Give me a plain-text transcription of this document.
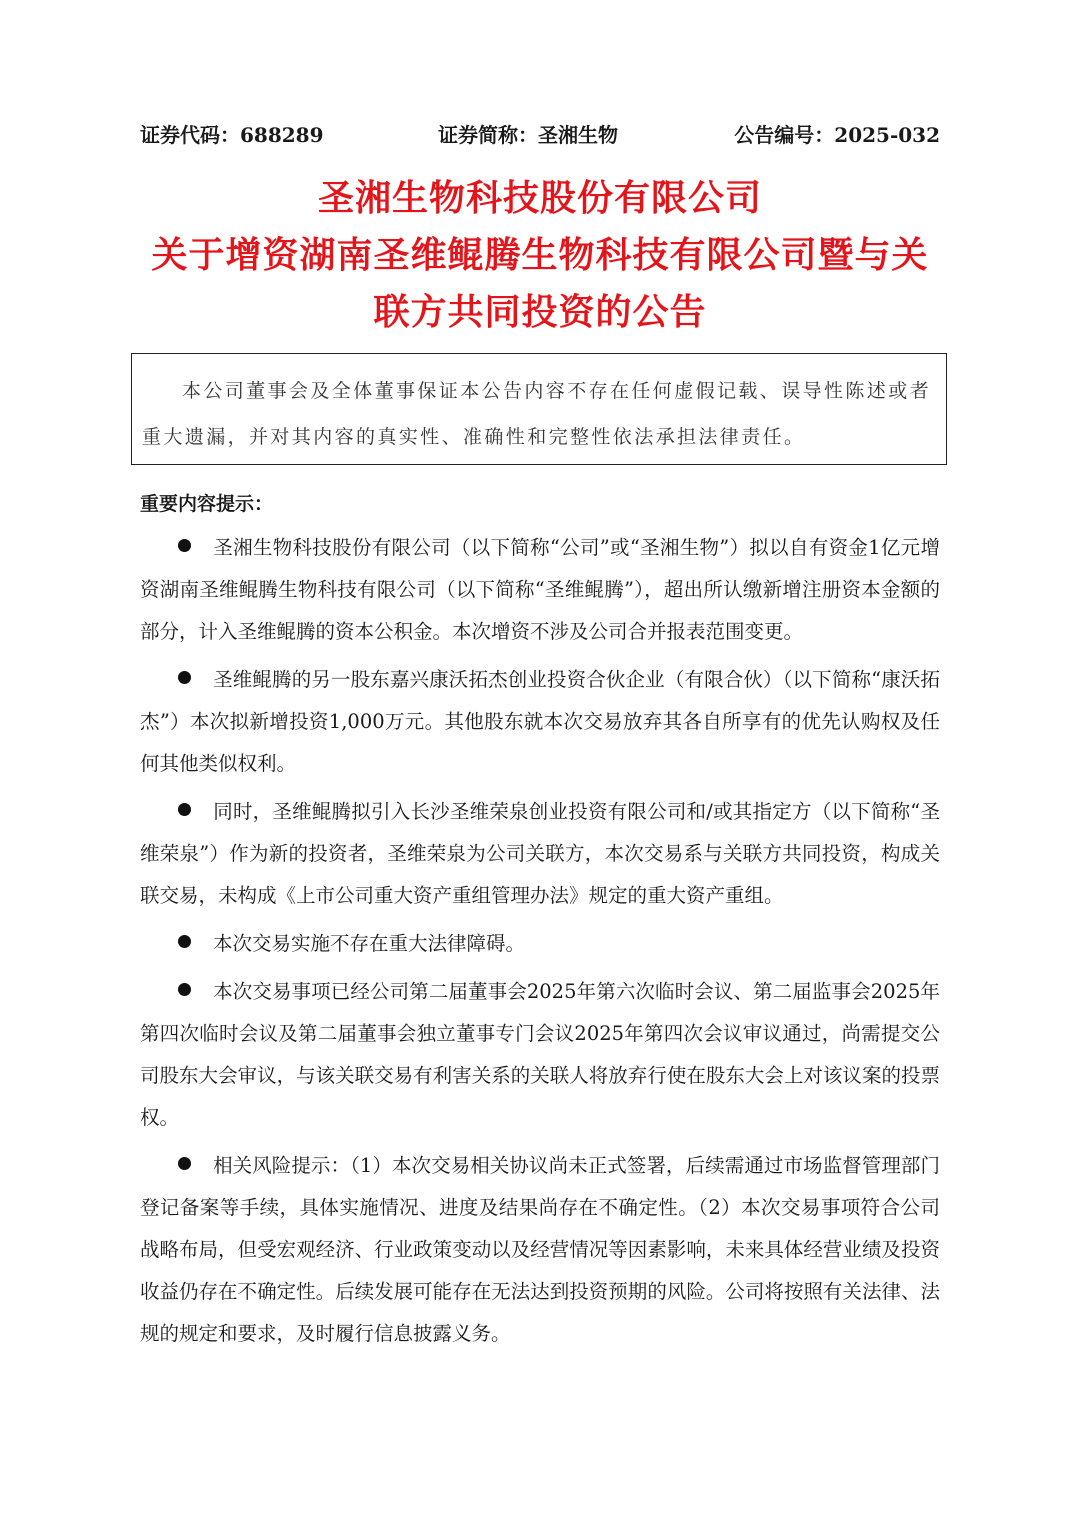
证券代码：688289	证券简称：圣湘生物	公告编号：2025-032
圣湘生物科技股份有限公司
关于增资湖南圣维鲲腾生物科技有限公司暨与关
联方共同投资的公告

本公司董事会及全体董事保证本公告内容不存在任何虚假记载、误导性陈述或者重大遗漏，并对其内容的真实性、准确性和完整性依法承担法律责任。

重要内容提示：

圣湘生物科技股份有限公司（以下简称“公司”或“圣湘生物”）拟以自有资金1亿元增资湖南圣维鲲腾生物科技有限公司（以下简称“圣维鲲腾”），超出所认缴新增注册资本金额的部分，计入圣维鲲腾的资本公积金。本次增资不涉及公司合并报表范围变更。

圣维鲲腾的另一股东嘉兴康沃拓杰创业投资合伙企业（有限合伙）（以下简称“康沃拓杰”）本次拟新增投资1,000万元。其他股东就本次交易放弃其各自所享有的优先认购权及任何其他类似权利。

同时，圣维鲲腾拟引入长沙圣维荣泉创业投资有限公司和/或其指定方（以下简称“圣维荣泉”）作为新的投资者，圣维荣泉为公司关联方，本次交易系与关联方共同投资，构成关联交易，未构成《上市公司重大资产重组管理办法》规定的重大资产重组。

本次交易实施不存在重大法律障碍。

本次交易事项已经公司第二届董事会2025年第六次临时会议、第二届监事会2025年第四次临时会议及第二届董事会独立董事专门会议2025年第四次会议审议通过，尚需提交公司股东大会审议，与该关联交易有利害关系的关联人将放弃行使在股东大会上对该议案的投票权。

相关风险提示：（1）本次交易相关协议尚未正式签署，后续需通过市场监督管理部门登记备案等手续，具体实施情况、进度及结果尚存在不确定性。（2）本次交易事项符合公司战略布局，但受宏观经济、行业政策变动以及经营情况等因素影响，未来具体经营业绩及投资收益仍存在不确定性。后续发展可能存在无法达到投资预期的风险。公司将按照有关法律、法规的规定和要求，及时履行信息披露义务。
